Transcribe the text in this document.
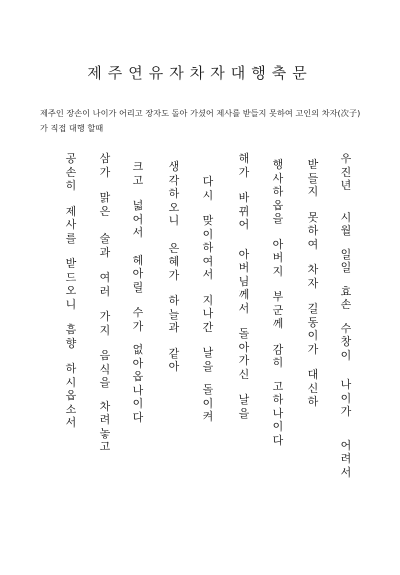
제주연유자차자대행축문
제주인 장손이 나이가 어리고 장자도 돌아 가셨어 제사를 받들지 못하여 고인의 차자(次子)
가 직접 대행 할때
우
진
년
시
월
일
일
효
손
수
창
이
나
이
가
어
려
서
받
들
지
못
하
여
차
자
길
동
이
가
대
신
하
행
사
하
옵
을
아
버
지
부
군
께
감
히
고
하
나
이
다
해
가
바
뀌
어
아
버
님
께
서
돌
아
가
신
날
을
다
시
맞
이
하
여
서
지
나
간
날
을
돌
이
켜
생
각
하
오
니
은
혜
가
하
늘
과
같
아
크
고
넓
어
서
헤
아
릴
수
가
없
아
옵
나
이
다
삼
가
맑
은
술
과
여
러
가
지
음
식
을
차
려
놓
고
공
손
히
제
사
를
받
드
오
니
흠
향
하
시
옵
소
서
